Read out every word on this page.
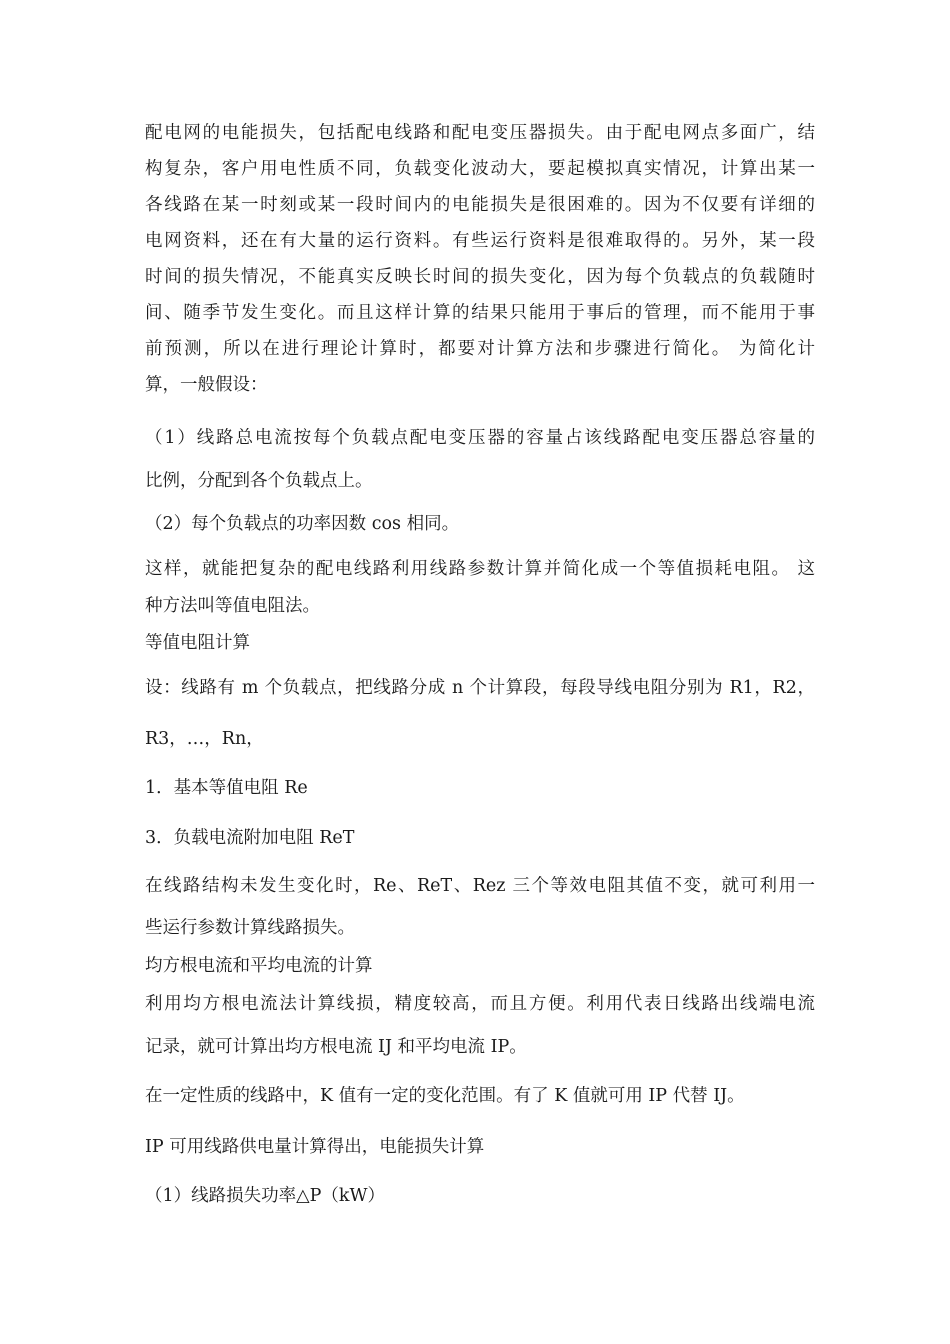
配电网的电能损失，包括配电线路和配电变压器损失。由于配电网点多面广，结
构复杂，客户用电性质不同，负载变化波动大，要起模拟真实情况，计算出某一
各线路在某一时刻或某一段时间内的电能损失是很困难的。因为不仅要有详细的
电网资料，还在有大量的运行资料。有些运行资料是很难取得的。另外，某一段
时间的损失情况，不能真实反映长时间的损失变化，因为每个负载点的负载随时
间、随季节发生变化。而且这样计算的结果只能用于事后的管理，而不能用于事
前预测，所以在进行理论计算时，都要对计算方法和步骤进行简化。 为简化计
算，一般假设：
（1）线路总电流按每个负载点配电变压器的容量占该线路配电变压器总容量的
比例，分配到各个负载点上。
（2）每个负载点的功率因数 cos 相同。
这样，就能把复杂的配电线路利用线路参数计算并简化成一个等值损耗电阻。 这
种方法叫等值电阻法。
等值电阻计算
设：线路有 m 个负载点，把线路分成 n 个计算段，每段导线电阻分别为 R1，R2，
R3，…，Rn，
1．基本等值电阻 Re
3．负载电流附加电阻 ReT
在线路结构未发生变化时，Re、ReT、Rez 三个等效电阻其值不变，就可利用一
些运行参数计算线路损失。
均方根电流和平均电流的计算
利用均方根电流法计算线损，精度较高，而且方便。利用代表日线路出线端电流
记录，就可计算出均方根电流 IJ 和平均电流 IP。
在一定性质的线路中，K 值有一定的变化范围。有了 K 值就可用 IP 代替 IJ。
IP 可用线路供电量计算得出，电能损失计算
（1）线路损失功率△P（kW）
